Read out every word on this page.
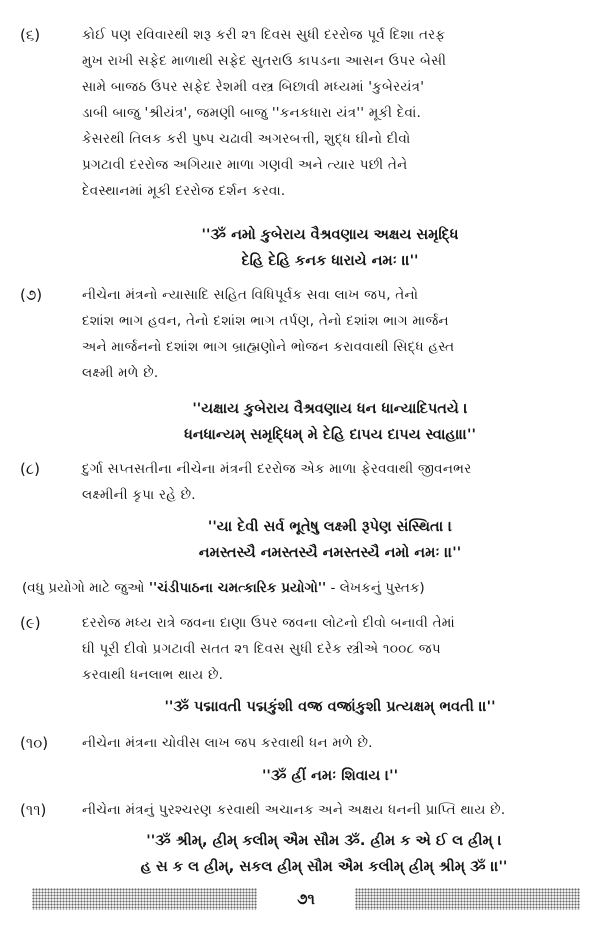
(૬)	કોઈ પણ રવિવારથી શરૂ કરી ૨૧ દિવસ સુધી દરરોજ પૂર્વ દિશા તરફ
મુખ રાખી સફેદ માળાથી સફેદ સુતરાઉ કાપડના આસન ઉપર બેસી
સામે બાજઠ ઉપર સફેદ રેશમી વસ્ત્ર બિછાવી મધ્યમાં 'કુબેરયંત્ર'
ડાબી બાજુ 'શ્રીયંત્ર', જમણી બાજુ ''કનકધારા યંત્ર'' મૂકી દેવાં.
કેસરથી તિલક કરી પુષ્પ ચઢાવી અગરબત્તી, શુદ્ધ ઘીનો દીવો
પ્રગટાવી દરરોજ અગિયાર માળા ગણવી અને ત્યાર પછી તેને
દેવસ્થાનમાં મૂકી દરરોજ દર્શન કરવા.
''ૐ નમો કુબેરાય વૈશ્રવણાય અક્ષય સમૃદ્ધિ
દેહિ દેહિ કનક ધારાયે નમઃ ।।''
(૭)	નીચેના મંત્રનો ન્યાસાદિ સહિત વિધિપૂર્વક સવા લાખ જપ, તેનો
દશાંશ ભાગ હવન, તેનો દશાંશ ભાગ તર્પણ, તેનો દશાંશ ભાગ માર્જન
અને માર્જનનો દશાંશ ભાગ બ્રાહ્મણોને ભોજન કરાવવાથી સિદ્ધ હસ્ત
લક્ષ્મી મળે છે.
''યક્ષાય કુબેરાય વૈશ્રવણાય ધન ધાન્યાદિપતયે ।
ધનધાન્યમ્ સમૃદ્ધિમ્ મે દેહિ દાપય દાપય સ્વાહા।।''
(૮)	દુર્ગા સપ્તસતીના નીચેના મંત્રની દરરોજ એક માળા ફેરવવાથી જીવનભર
લક્ષ્મીની કૃપા રહે છે.
''યા દેવી સર્વ ભૂતેષુ લક્ષ્મી રૂપેણ સંસ્થિતા ।
નમસ્તસ્યૈ નમસ્તસ્યૈ નમસ્તસ્યૈ નમો નમઃ ।।''
(વધુ પ્રયોગો માટે જુઓ ''ચંડીપાઠના ચમત્કારિક પ્રયોગો'' - લેખકનું પુસ્તક)
(૯)	દરરોજ મધ્ય રાત્રે જવના દાણા ઉપર જવના લોટનો દીવો બનાવી તેમાં
ઘી પૂરી દીવો પ્રગટાવી સતત ૨૧ દિવસ સુધી દરેક સ્ત્રીએ ૧૦૦૮ જપ
કરવાથી ધનલાભ થાય છે.
''ૐ પદ્માવતી પદ્મકુંશી વજ્ર વજ્રાંકુશી પ્રત્યક્ષમ્ ભવતી ।।''
(૧૦)	નીચેના મંત્રના ચોવીસ લાખ જપ કરવાથી ધન મળે છે.
''ૐ હ્રીં નમઃ શિવાય ।''
(૧૧)	નીચેના મંત્રનું પુરશ્ચરણ કરવાથી અચાનક અને અક્ષય ધનની પ્રાપ્તિ થાય છે.
''ૐ શ્રીમ્, હ્રીમ્ કલીમ્ ઐમ સૌમ ૐ. હ્રીમ ક એ ઈ લ હ્રીમ્ ।
હ સ ક લ હ્રીમ્, સકલ હ્રીમ્ સૌમ ઐમ કલીમ્ હ્રીમ્ શ્રીમ્ ૐ ।।''
૭૧
